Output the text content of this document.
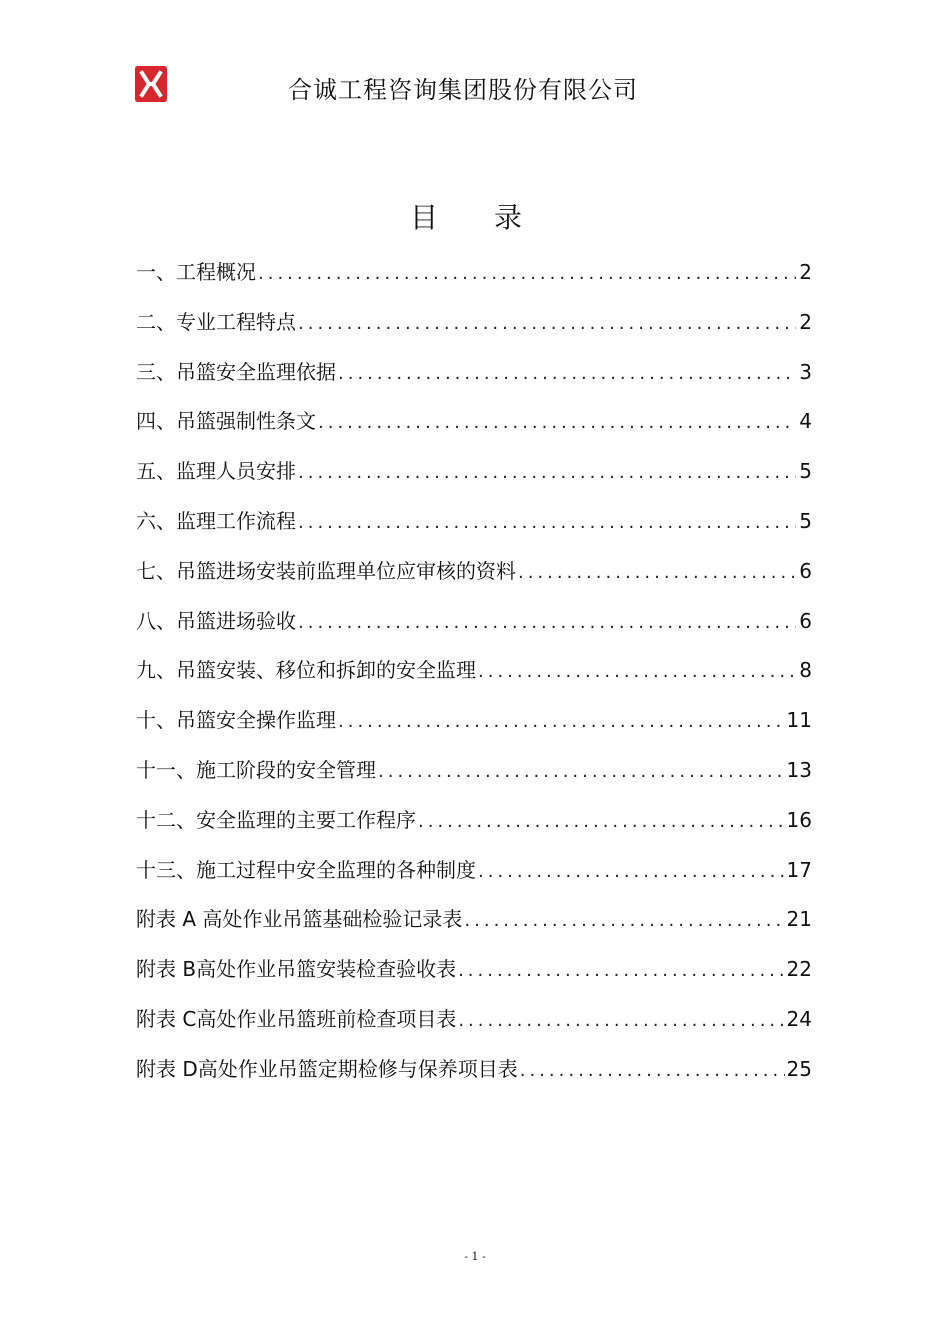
合诚工程咨询集团股份有限公司
目录
一、工程概况 .....	2
二、专业工程特点 .....	2
三、吊篮安全监理依据 .....	3
四、吊篮强制性条文 .....	4
五、监理人员安排 .....	5
六、监理工作流程 .....	5
七、吊篮进场安装前监理单位应审核的资料 .....	6
八、吊篮进场验收 .....	6
九、吊篮安装、移位和拆卸的安全监理 .....	8
十、吊篮安全操作监理 .....	11
十一、施工阶段的安全管理 .....	13
十二、安全监理的主要工作程序 .....	16
十三、施工过程中安全监理的各种制度 .....	17
附表 A 高处作业吊篮基础检验记录表 .....	21
附表 B高处作业吊篮安装检查验收表 .....	22
附表 C高处作业吊篮班前检查项目表 .....	24
附表 D高处作业吊篮定期检修与保养项目表 .....	25
- 1 -
